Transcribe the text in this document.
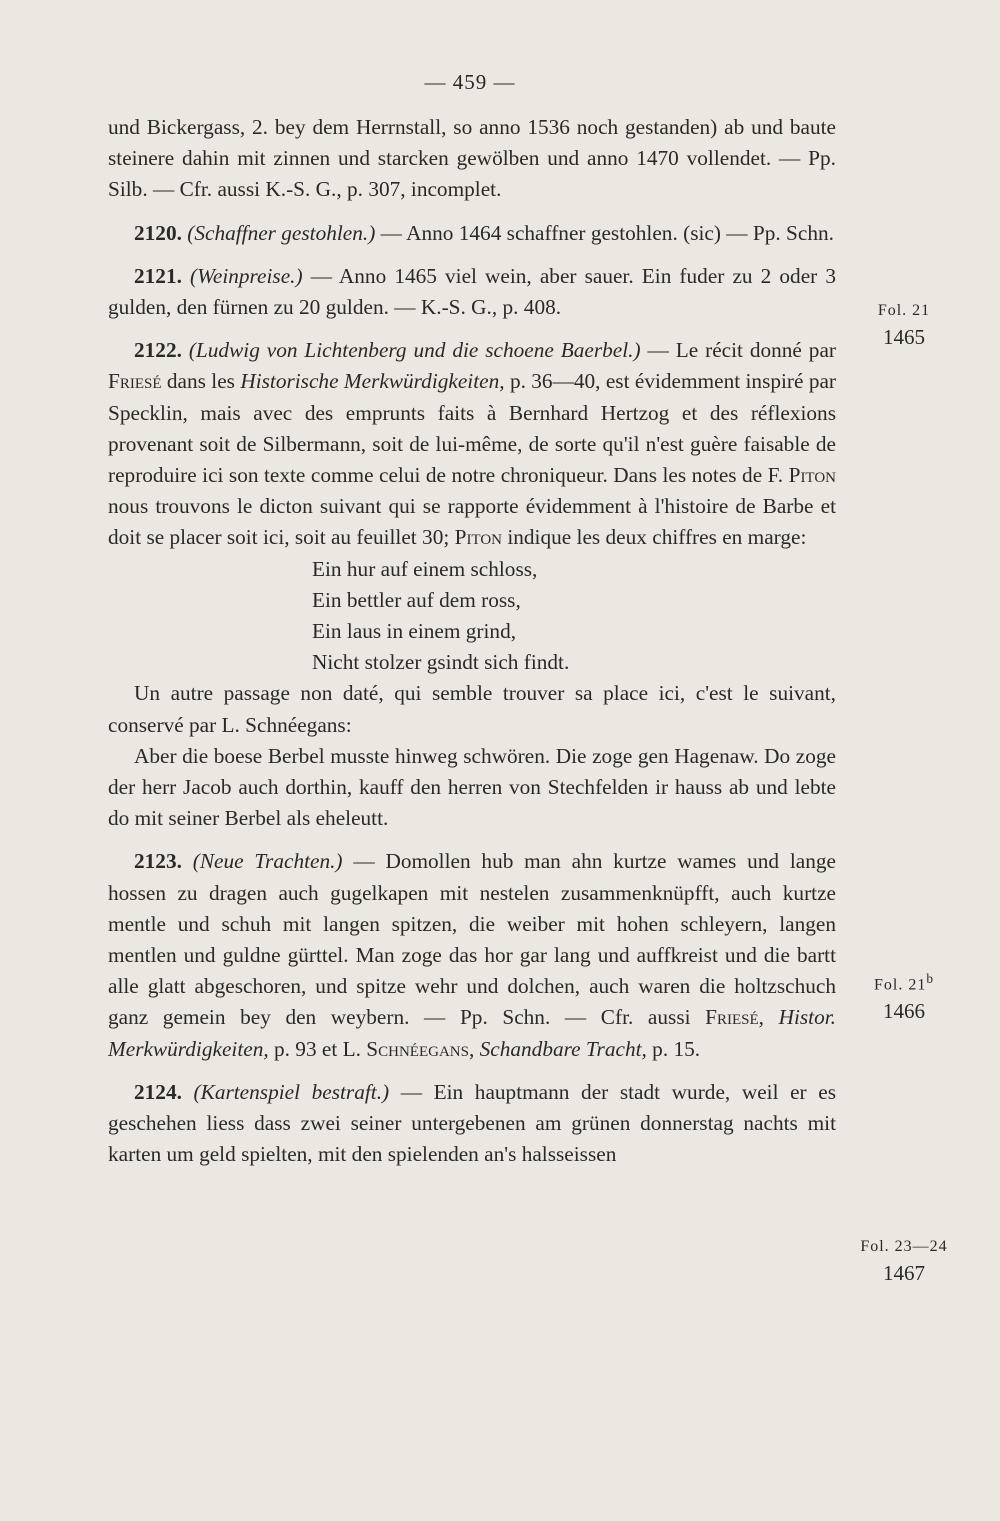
— 459 —

und Bickergass, 2. bey dem Herrnstall, so anno 1536 noch gestanden) ab und baute steinere dahin mit zinnen und starcken gewölben und anno 1470 vollendet. — Pp. Silb. — Cfr. aussi K.-S. G., p. 307, incomplet.

2120. (Schaffner gestohlen.) — Anno 1464 schaffner gestohlen. (sic) — Pp. Schn.

2121. (Weinpreise.) — Anno 1465 viel wein, aber sauer. Ein fuder zu 2 oder 3 gulden, den fürnen zu 20 gulden. — K.-S. G., p. 408.

2122. (Ludwig von Lichtenberg und die schoene Baerbel.) — Le récit donné par Friesé dans les Historische Merkwürdigkeiten, p. 36—40, est évidemment inspiré par Specklin, mais avec des emprunts faits à Bernhard Hertzog et des réflexions provenant soit de Silbermann, soit de lui-même, de sorte qu'il n'est guère faisable de reproduire ici son texte comme celui de notre chroniqueur. Dans les notes de F. Piton nous trouvons le dicton suivant qui se rapporte évidemment à l'histoire de Barbe et doit se placer soit ici, soit au feuillet 30; Piton indique les deux chiffres en marge:

Ein hur auf einem schloss,
Ein bettler auf dem ross,
Ein laus in einem grind,
Nicht stolzer gsindt sich findt.

Un autre passage non daté, qui semble trouver sa place ici, c'est le suivant, conservé par L. Schnéegans:

Aber die boese Berbel musste hinweg schwören. Die zoge gen Hagenaw. Do zoge der herr Jacob auch dorthin, kauff den herren von Stechfelden ir hauss ab und lebte do mit seiner Berbel als eheleutt.

2123. (Neue Trachten.) — Domollen hub man ahn kurtze wames und lange hossen zu dragen auch gugelkapen mit nestelen zusammenknüpfft, auch kurtze mentle und schuh mit langen spitzen, die weiber mit hohen schleyern, langen mentlen und guldne gürttel. Man zoge das hor gar lang und auffkreist und die bartt alle glatt abgeschoren, und spitze wehr und dolchen, auch waren die holtzschuch ganz gemein bey den weybern. — Pp. Schn. — Cfr. aussi Friesé, Histor. Merkwürdigkeiten, p. 93 et L. Schnéegans, Schandbare Tracht, p. 15.

2124. (Kartenspiel bestraft.) — Ein hauptmann der stadt wurde, weil er es geschehen liess dass zwei seiner untergebenen am grünen donnerstag nachts mit karten um geld spielten, mit den spielenden an's halsseissen

Fol. 21
1465
Fol. 21$^b$
1466
Fol. 23—24
1467
